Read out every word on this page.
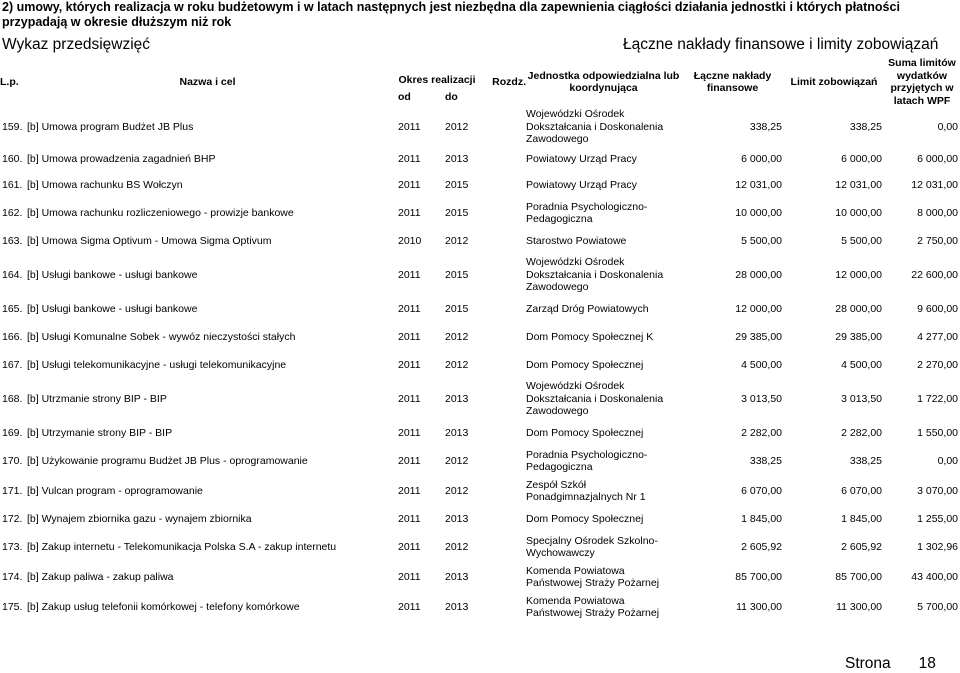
2) umowy, których realizacja w roku budżetowym i w latach następnych jest niezbędna dla zapewnienia ciągłości działania jednostki i których płatności przypadają w okresie dłuższym niż rok
Wykaz przedsięwzięć	Łączne nakłady finansowe i limity zobowiązań
L.p.	Nazwa i cel	Okres realizacji		Rozdz.	Jednostka odpowiedzialna lub koordynująca	Łączne nakłady finansowe	Limit zobowiązań	Suma limitów wydatków przyjętych w latach WPF
		od	do					
159.	[b] Umowa program Budżet JB Plus	2011	2012		Wojewódzki Ośrodek Dokształcania i Doskonalenia Zawodowego	338,25	338,25	0,00
160.	[b] Umowa prowadzenia zagadnień BHP	2011	2013		Powiatowy Urząd Pracy	6 000,00	6 000,00	6 000,00
161.	[b] Umowa rachunku BS Wołczyn	2011	2015		Powiatowy Urząd Pracy	12 031,00	12 031,00	12 031,00
162.	[b] Umowa rachunku rozliczeniowego - prowizje bankowe	2011	2015		Poradnia Psychologiczno-Pedagogiczna	10 000,00	10 000,00	8 000,00
163.	[b] Umowa Sigma Optivum - Umowa Sigma Optivum	2010	2012		Starostwo Powiatowe	5 500,00	5 500,00	2 750,00
164.	[b] Usługi bankowe - usługi bankowe	2011	2015		Wojewódzki Ośrodek Dokształcania i Doskonalenia Zawodowego	28 000,00	12 000,00	22 600,00
165.	[b] Usługi bankowe - usługi bankowe	2011	2015		Zarząd Dróg Powiatowych	12 000,00	28 000,00	9 600,00
166.	[b] Usługi Komunalne Sobek - wywóz nieczystości stałych	2011	2012		Dom Pomocy Społecznej K	29 385,00	29 385,00	4 277,00
167.	[b] Usługi telekomunikacyjne - usługi telekomunikacyjne	2011	2012		Dom Pomocy Społecznej	4 500,00	4 500,00	2 270,00
168.	[b] Utrzmanie strony BIP - BIP	2011	2013		Wojewódzki Ośrodek Dokształcania i Doskonalenia Zawodowego	3 013,50	3 013,50	1 722,00
169.	[b] Utrzymanie strony BIP - BIP	2011	2013		Dom Pomocy Społecznej	2 282,00	2 282,00	1 550,00
170.	[b] Użykowanie programu Budżet JB Plus - oprogramowanie	2011	2012		Poradnia Psychologiczno-Pedagogiczna	338,25	338,25	0,00
171.	[b] Vulcan program - oprogramowanie	2011	2012		Zespół Szkół Ponadgimnazjalnych Nr 1	6 070,00	6 070,00	3 070,00
172.	[b] Wynajem zbiornika gazu - wynajem zbiornika	2011	2013		Dom Pomocy Społecznej	1 845,00	1 845,00	1 255,00
173.	[b] Zakup internetu - Telekomunikacja Polska S.A - zakup internetu	2011	2012		Specjalny Ośrodek Szkolno-Wychowawczy	2 605,92	2 605,92	1 302,96
174.	[b] Zakup paliwa - zakup paliwa	2011	2013		Komenda Powiatowa Państwowej Straży Pożarnej	85 700,00	85 700,00	43 400,00
175.	[b] Zakup usług telefonii komórkowej - telefony komórkowe	2011	2013		Komenda Powiatowa Państwowej Straży Pożarnej	11 300,00	11 300,00	5 700,00
Strona 18
